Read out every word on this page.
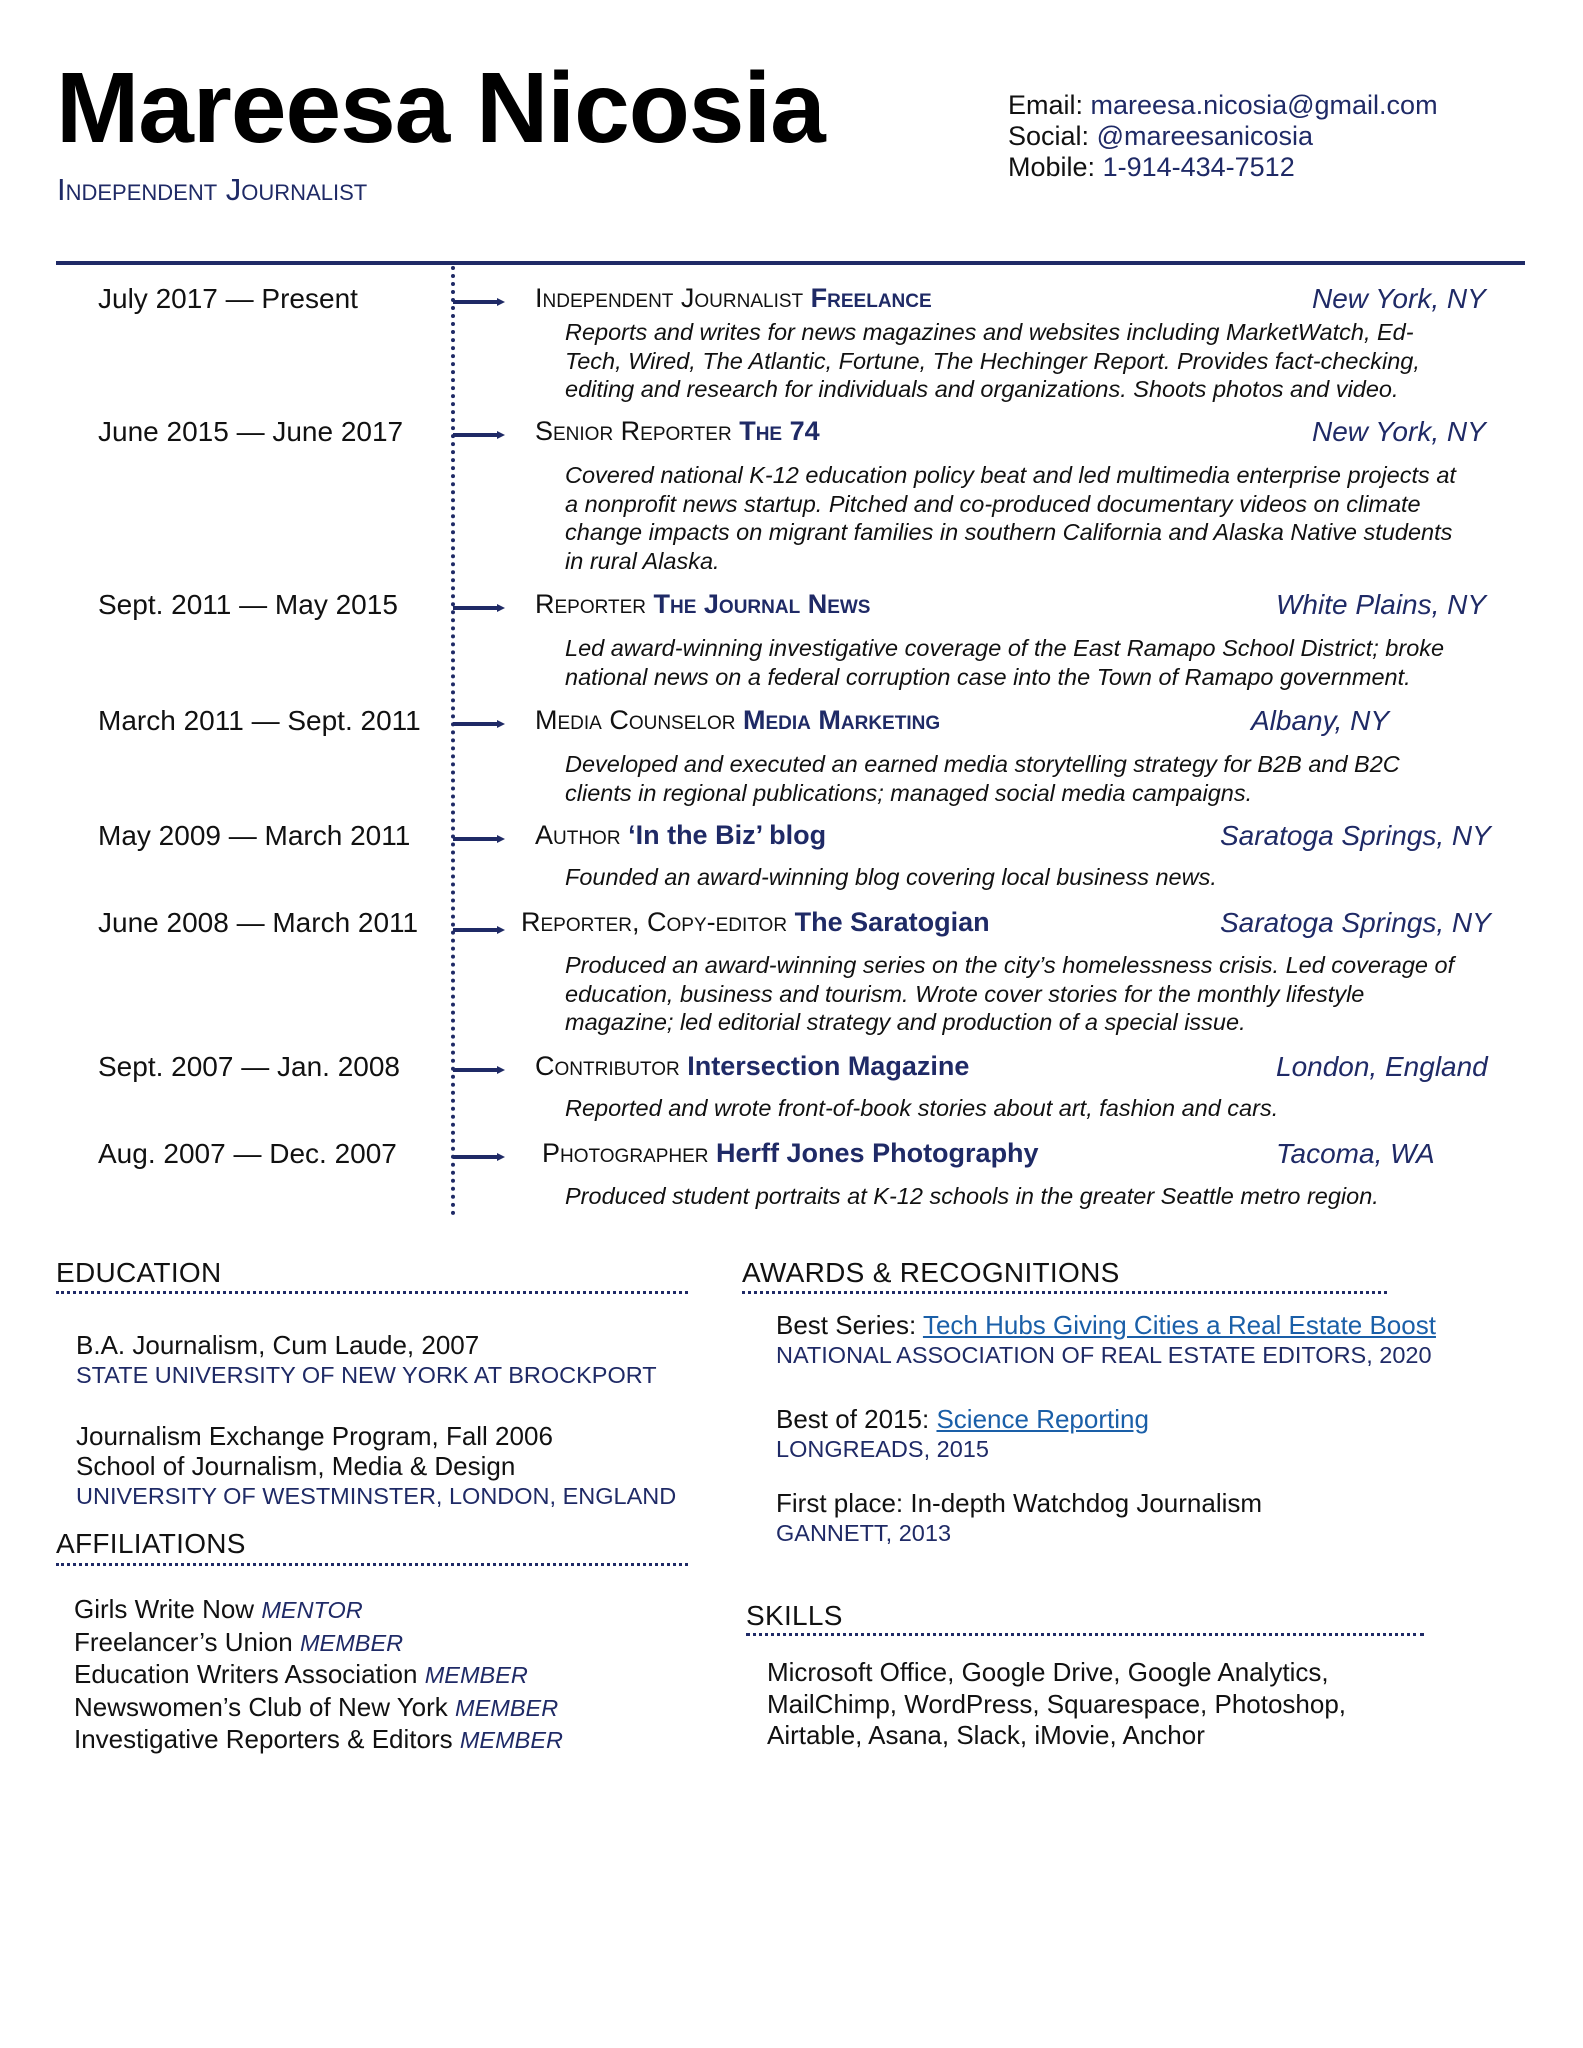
Mareesa Nicosia
Independent Journalist
Email: mareesa.nicosia@gmail.com
Social: @mareesanicosia
Mobile: 1-914-434-7512
July 2017 — Present	Independent Journalist Freelance	New York, NY
Reports and writes for news magazines and websites including MarketWatch, Ed-
Tech, Wired, The Atlantic, Fortune, The Hechinger Report. Provides fact-checking,
editing and research for individuals and organizations. Shoots photos and video.
June 2015 — June 2017	Senior Reporter The 74	New York, NY
Covered national K-12 education policy beat and led multimedia enterprise projects at
a nonprofit news startup. Pitched and co-produced documentary videos on climate
change impacts on migrant families in southern California and Alaska Native students
in rural Alaska.
Sept. 2011 — May 2015	Reporter The Journal News	White Plains, NY
Led award-winning investigative coverage of the East Ramapo School District; broke
national news on a federal corruption case into the Town of Ramapo government.
March 2011 — Sept. 2011	Media Counselor Media Marketing	Albany, NY
Developed and executed an earned media storytelling strategy for B2B and B2C
clients in regional publications; managed social media campaigns.
May 2009 — March 2011	Author ‘In the Biz’ blog	Saratoga Springs, NY
Founded an award-winning blog covering local business news.
June 2008 — March 2011	Reporter, Copy-editor The Saratogian	Saratoga Springs, NY
Produced an award-winning series on the city’s homelessness crisis. Led coverage of
education, business and tourism. Wrote cover stories for the monthly lifestyle
magazine; led editorial strategy and production of a special issue.
Sept. 2007 — Jan. 2008	Contributor Intersection Magazine	London, England
Reported and wrote front-of-book stories about art, fashion and cars.
Aug. 2007 — Dec. 2007	Photographer Herff Jones Photography	Tacoma, WA
Produced student portraits at K-12 schools in the greater Seattle metro region.
EDUCATION
B.A. Journalism, Cum Laude, 2007
STATE UNIVERSITY OF NEW YORK AT BROCKPORT
Journalism Exchange Program, Fall 2006
School of Journalism, Media & Design
UNIVERSITY OF WESTMINSTER, LONDON, ENGLAND
AFFILIATIONS
Girls Write Now MENTOR
Freelancer’s Union MEMBER
Education Writers Association MEMBER
Newswomen’s Club of New York MEMBER
Investigative Reporters & Editors MEMBER
AWARDS & RECOGNITIONS
Best Series: Tech Hubs Giving Cities a Real Estate Boost
NATIONAL ASSOCIATION OF REAL ESTATE EDITORS, 2020
Best of 2015: Science Reporting
LONGREADS, 2015
First place: In-depth Watchdog Journalism
GANNETT, 2013
SKILLS
Microsoft Office, Google Drive, Google Analytics,
MailChimp, WordPress, Squarespace, Photoshop,
Airtable, Asana, Slack, iMovie, Anchor
